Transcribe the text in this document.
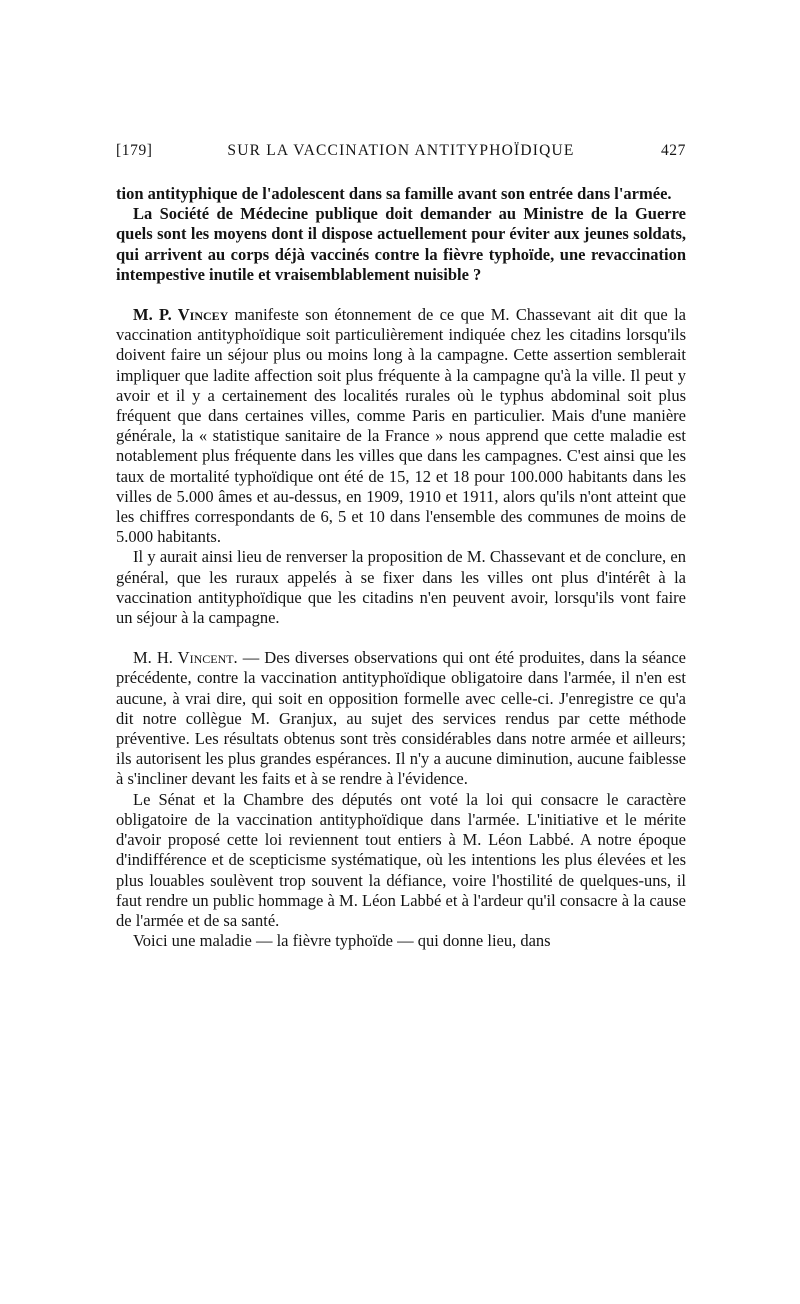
[179]	SUR LA VACCINATION ANTITYPHOÏDIQUE	427

tion antityphique de l'adolescent dans sa famille avant son entrée dans l'armée.

La Société de Médecine publique doit demander au Ministre de la Guerre quels sont les moyens dont il dispose actuellement pour éviter aux jeunes soldats, qui arrivent au corps déjà vaccinés contre la fièvre typhoïde, une revaccination intempestive inutile et vraisemblablement nuisible ?

M. P. Vincey manifeste son étonnement de ce que M. Chassevant ait dit que la vaccination antityphoïdique soit particulièrement indiquée chez les citadins lorsqu'ils doivent faire un séjour plus ou moins long à la campagne. Cette assertion semblerait impliquer que ladite affection soit plus fréquente à la campagne qu'à la ville. Il peut y avoir et il y a certainement des localités rurales où le typhus abdominal soit plus fréquent que dans certaines villes, comme Paris en particulier. Mais d'une manière générale, la « statistique sanitaire de la France » nous apprend que cette maladie est notablement plus fréquente dans les villes que dans les campagnes. C'est ainsi que les taux de mortalité typhoïdique ont été de 15, 12 et 18 pour 100.000 habitants dans les villes de 5.000 âmes et au-dessus, en 1909, 1910 et 1911, alors qu'ils n'ont atteint que les chiffres correspondants de 6, 5 et 10 dans l'ensemble des communes de moins de 5.000 habitants.

Il y aurait ainsi lieu de renverser la proposition de M. Chassevant et de conclure, en général, que les ruraux appelés à se fixer dans les villes ont plus d'intérêt à la vaccination antityphoïdique que les citadins n'en peuvent avoir, lorsqu'ils vont faire un séjour à la campagne.

M. H. Vincent. — Des diverses observations qui ont été produites, dans la séance précédente, contre la vaccination antityphoïdique obligatoire dans l'armée, il n'en est aucune, à vrai dire, qui soit en opposition formelle avec celle-ci. J'enregistre ce qu'a dit notre collègue M. Granjux, au sujet des services rendus par cette méthode préventive. Les résultats obtenus sont très considérables dans notre armée et ailleurs; ils autorisent les plus grandes espérances. Il n'y a aucune diminution, aucune faiblesse à s'incliner devant les faits et à se rendre à l'évidence.

Le Sénat et la Chambre des députés ont voté la loi qui consacre le caractère obligatoire de la vaccination antityphoïdique dans l'armée. L'initiative et le mérite d'avoir proposé cette loi reviennent tout entiers à M. Léon Labbé. A notre époque d'indifférence et de scepticisme systématique, où les intentions les plus élevées et les plus louables soulèvent trop souvent la défiance, voire l'hostilité de quelques-uns, il faut rendre un public hommage à M. Léon Labbé et à l'ardeur qu'il consacre à la cause de l'armée et de sa santé.

Voici une maladie — la fièvre typhoïde — qui donne lieu, dans
